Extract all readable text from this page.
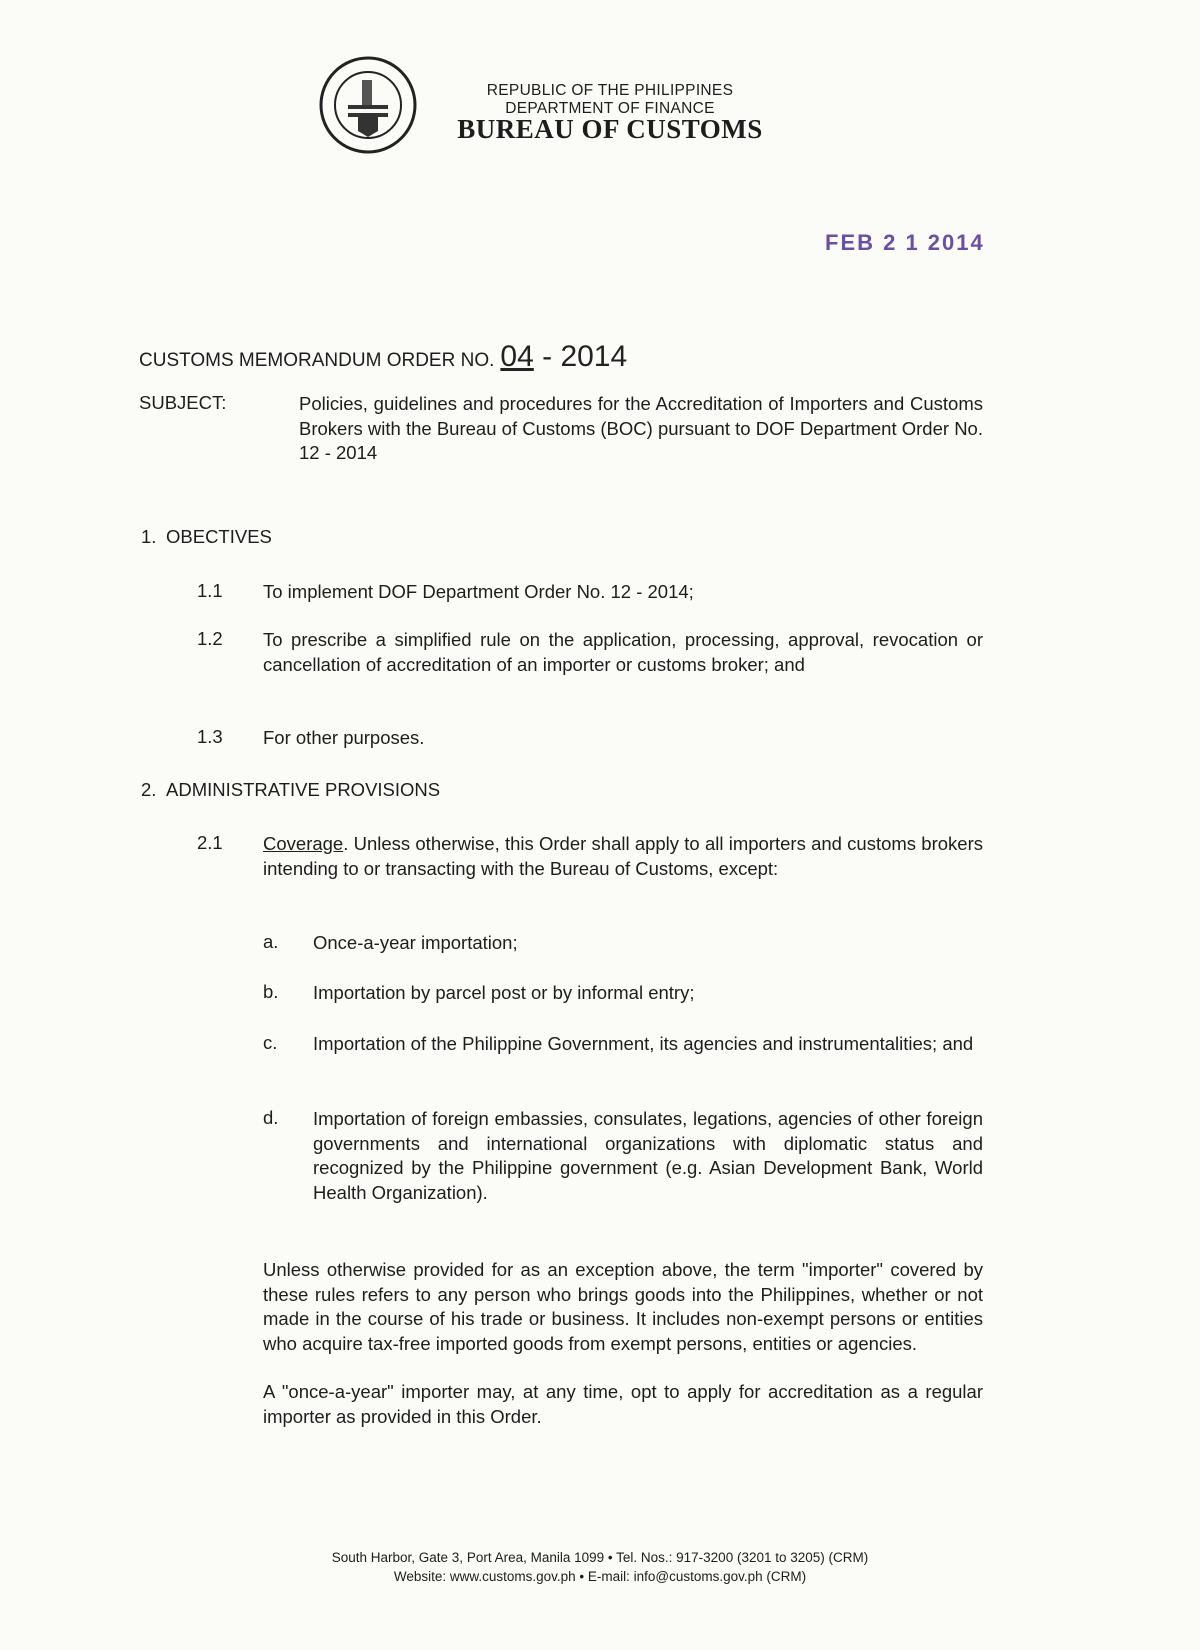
REPUBLIC OF THE PHILIPPINES
DEPARTMENT OF FINANCE
BUREAU OF CUSTOMS
FEB 2 1 2014
CUSTOMS MEMORANDUM ORDER NO. 04 - 2014
SUBJECT:	Policies, guidelines and procedures for the Accreditation of Importers and Customs Brokers with the Bureau of Customs (BOC) pursuant to DOF Department Order No. 12 - 2014
1. OBECTIVES
1.1 To implement DOF Department Order No. 12 - 2014;
1.2 To prescribe a simplified rule on the application, processing, approval, revocation or cancellation of accreditation of an importer or customs broker; and
1.3 For other purposes.
2. ADMINISTRATIVE PROVISIONS
2.1 Coverage. Unless otherwise, this Order shall apply to all importers and customs brokers intending to or transacting with the Bureau of Customs, except:
a. Once-a-year importation;
b. Importation by parcel post or by informal entry;
c. Importation of the Philippine Government, its agencies and instrumentalities; and
d. Importation of foreign embassies, consulates, legations, agencies of other foreign governments and international organizations with diplomatic status and recognized by the Philippine government (e.g. Asian Development Bank, World Health Organization).
Unless otherwise provided for as an exception above, the term "importer" covered by these rules refers to any person who brings goods into the Philippines, whether or not made in the course of his trade or business. It includes non-exempt persons or entities who acquire tax-free imported goods from exempt persons, entities or agencies.
A "once-a-year" importer may, at any time, opt to apply for accreditation as a regular importer as provided in this Order.
South Harbor, Gate 3, Port Area, Manila 1099 • Tel. Nos.: 917-3200 (3201 to 3205) (CRM)
Website: www.customs.gov.ph • E-mail: info@customs.gov.ph (CRM)
